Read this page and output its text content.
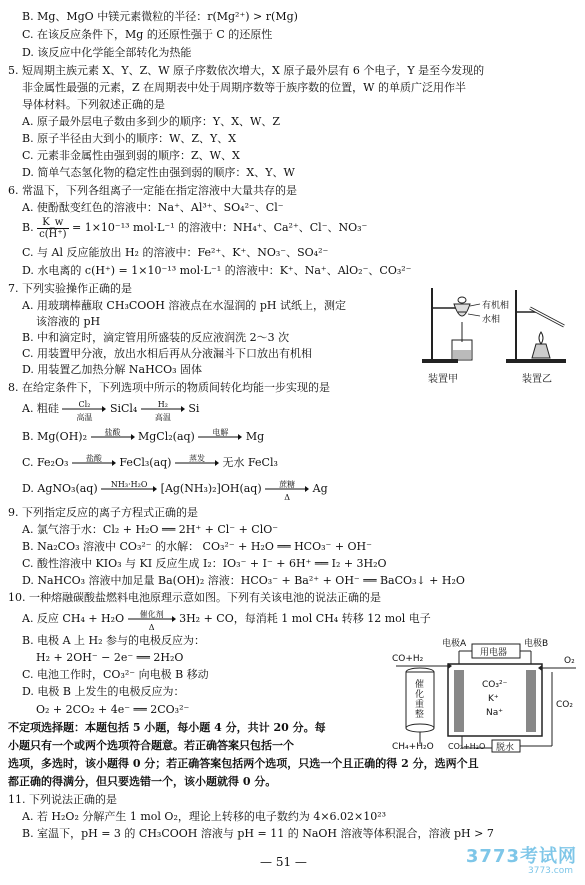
B. Mg、MgO 中镁元素微粒的半径：r(Mg²⁺) > r(Mg)
C. 在该反应条件下，Mg 的还原性强于 C 的还原性
D. 该反应中化学能全部转化为热能
5. 短周期主族元素 X、Y、Z、W 原子序数依次增大，X 原子最外层有 6 个电子，Y 是至今发现的
非金属性最强的元素，Z 在周期表中处于周期序数等于族序数的位置，W 的单质广泛用作半
导体材料。下列叙述正确的是
A. 原子最外层电子数由多到少的顺序：Y、X、W、Z
B. 原子半径由大到小的顺序：W、Z、Y、X
C. 元素非金属性由强到弱的顺序：Z、W、X
D. 简单气态氢化物的稳定性由强到弱的顺序：X、Y、W
6. 常温下，下列各组离子一定能在指定溶液中大量共存的是
A. 使酚酞变红色的溶液中：Na⁺、Al³⁺、SO₄²⁻、Cl⁻
B. $\frac{K\_w}{c(H^+)} = 1\times 10^{-13}$ mol·L⁻¹ 的溶液中：NH₄⁺、Ca²⁺、Cl⁻、NO₃⁻
C. 与 Al 反应能放出 H₂ 的溶液中：Fe²⁺、K⁺、NO₃⁻、SO₄²⁻
D. 水电离的 c(H⁺) = 1×10⁻¹³ mol·L⁻¹ 的溶液中：K⁺、Na⁺、AlO₂⁻、CO₃²⁻
7. 下列实验操作正确的是
A. 用玻璃棒蘸取 CH₃COOH 溶液点在水湿润的 pH 试纸上，测定
该溶液的 pH
B. 中和滴定时，滴定管用所盛装的反应液润洗 2～3 次
C. 用装置甲分液，放出水相后再从分液漏斗下口放出有机相
D. 用装置乙加热分解 NaHCO₃ 固体
有机相
水相
装置甲	装置乙
8. 在给定条件下，下列选项中所示的物质间转化均能一步实现的是
A. 粗硅	Cl₂
高温
SiCl₄	H₂
高温
Si
B. Mg(OH)₂	盐酸	MgCl₂(aq)	电解	Mg
C. Fe₂O₃	盐酸	FeCl₃(aq)	蒸发	无水 FeCl₃
D. AgNO₃(aq)	NH₃·H₂O	[Ag(NH₃)₂]OH(aq)	蔗糖
Δ
Ag
9. 下列指定反应的离子方程式正确的是
A. 氯气溶于水：Cl₂ + H₂O ══ 2H⁺ + Cl⁻ + ClO⁻
B. Na₂CO₃ 溶液中 CO₃²⁻ 的水解： CO₃²⁻ + H₂O ══ HCO₃⁻ + OH⁻
C. 酸性溶液中 KIO₃ 与 KI 反应生成 I₂：IO₃⁻ + I⁻ + 6H⁺ ══ I₂ + 3H₂O
D. NaHCO₃ 溶液中加足量 Ba(OH)₂ 溶液：HCO₃⁻ + Ba²⁺ + OH⁻ ══ BaCO₃↓ + H₂O
10. 一种熔融碳酸盐燃料电池原理示意如图。下列有关该电池的说法正确的是
A. 反应 CH₄ + H₂O	催化剂
Δ
3H₂ + CO，每消耗 1 mol CH₄ 转移 12 mol 电子
B. 电极 A 上 H₂ 参与的电极反应为：
H₂ + 2OH⁻ − 2e⁻ ══ 2H₂O
C. 电池工作时，CO₃²⁻ 向电极 B 移动
D. 电极 B 上发生的电极反应为：
O₂ + 2CO₂ + 4e⁻ ══ 2CO₃²⁻
电极A	电极B
用电器
CO+H₂	O₂
CO₂
催化重整
CO₃²⁻
K⁺
Na⁺
CH₄+H₂O CO₂+H₂O 脱水
不定项选择题：本题包括 5 小题，每小题 4 分，共计 20 分。每
小题只有一个或两个选项符合题意。若正确答案只包括一个
选项，多选时，该小题得 0 分；若正确答案包括两个选项，只选一个且正确的得 2 分，选两个且
都正确的得满分，但只要选错一个，该小题就得 0 分。
11. 下列说法正确的是
A. 若 H₂O₂ 分解产生 1 mol O₂，理论上转移的电子数约为 4×6.02×10²³
B. 室温下，pH = 3 的 CH₃COOH 溶液与 pH = 11 的 NaOH 溶液等体积混合，溶液 pH > 7
— 51 —	3773考试网
3773.com
